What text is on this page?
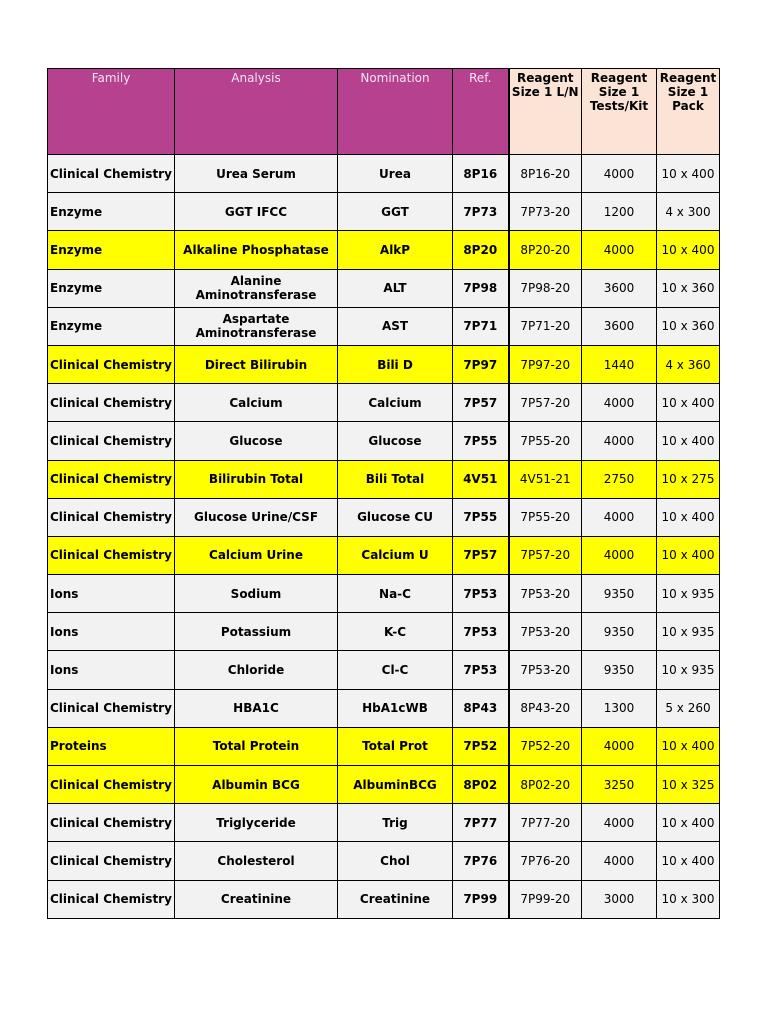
Family	Analysis	Nomination	Ref.	Reagent Size 1 L/N	Reagent Size 1 Tests/Kit	Reagent Size 1 Pack
Clinical Chemistry	Urea Serum	Urea	8P16	8P16-20	4000	10 x 400
Enzyme	GGT IFCC	GGT	7P73	7P73-20	1200	4 x 300
Enzyme	Alkaline Phosphatase	AlkP	8P20	8P20-20	4000	10 x 400
Enzyme	Alanine Aminotransferase	ALT	7P98	7P98-20	3600	10 x 360
Enzyme	Aspartate Aminotransferase	AST	7P71	7P71-20	3600	10 x 360
Clinical Chemistry	Direct Bilirubin	Bili D	7P97	7P97-20	1440	4 x 360
Clinical Chemistry	Calcium	Calcium	7P57	7P57-20	4000	10 x 400
Clinical Chemistry	Glucose	Glucose	7P55	7P55-20	4000	10 x 400
Clinical Chemistry	Bilirubin Total	Bili Total	4V51	4V51-21	2750	10 x 275
Clinical Chemistry	Glucose Urine/CSF	Glucose CU	7P55	7P55-20	4000	10 x 400
Clinical Chemistry	Calcium Urine	Calcium U	7P57	7P57-20	4000	10 x 400
Ions	Sodium	Na-C	7P53	7P53-20	9350	10 x 935
Ions	Potassium	K-C	7P53	7P53-20	9350	10 x 935
Ions	Chloride	Cl-C	7P53	7P53-20	9350	10 x 935
Clinical Chemistry	HBA1C	HbA1cWB	8P43	8P43-20	1300	5 x 260
Proteins	Total Protein	Total Prot	7P52	7P52-20	4000	10 x 400
Clinical Chemistry	Albumin BCG	AlbuminBCG	8P02	8P02-20	3250	10 x 325
Clinical Chemistry	Triglyceride	Trig	7P77	7P77-20	4000	10 x 400
Clinical Chemistry	Cholesterol	Chol	7P76	7P76-20	4000	10 x 400
Clinical Chemistry	Creatinine	Creatinine	7P99	7P99-20	3000	10 x 300
